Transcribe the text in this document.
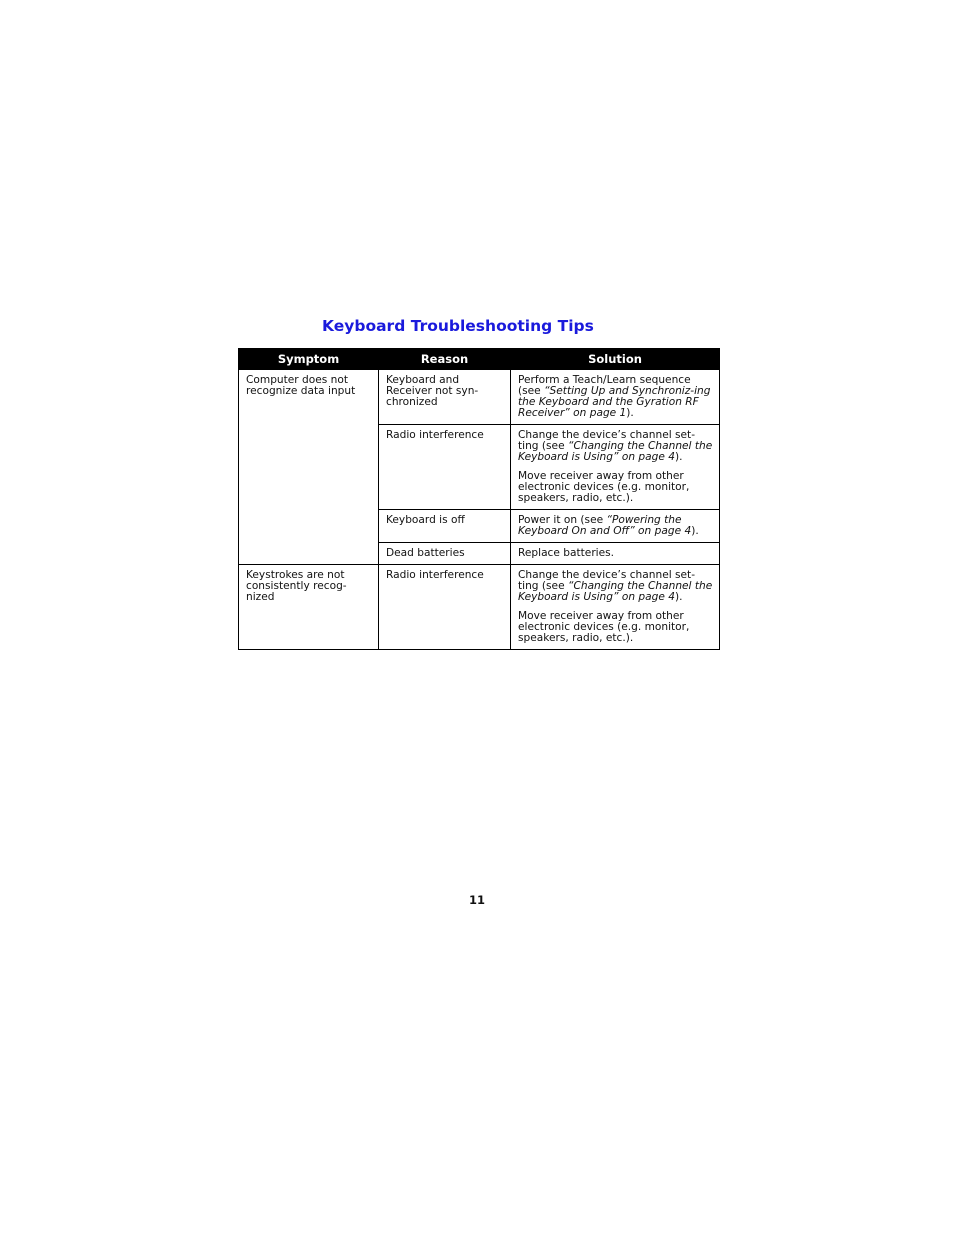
Keyboard Troubleshooting Tips
Symptom	Reason	Solution
Computer does not recognize data input	Keyboard and Receiver not syn-chronized	Perform a Teach/Learn sequence (see “Setting Up and Synchroniz-ing the Keyboard and the Gyration RF Receiver” on page 1).

	Radio interference	Change the device’s channel set-ting (see “Changing the Channel the Keyboard is Using” on page 4).

Move receiver away from other electronic devices (e.g. monitor, speakers, radio, etc.).

	Keyboard is off	Power it on (see “Powering the Keyboard On and Off” on page 4).

	Dead batteries	Replace batteries.

Keystrokes are not consistently recog-nized	Radio interference	Change the device’s channel set-ting (see “Changing the Channel the Keyboard is Using” on page 4).

Move receiver away from other electronic devices (e.g. monitor, speakers, radio, etc.).

11
